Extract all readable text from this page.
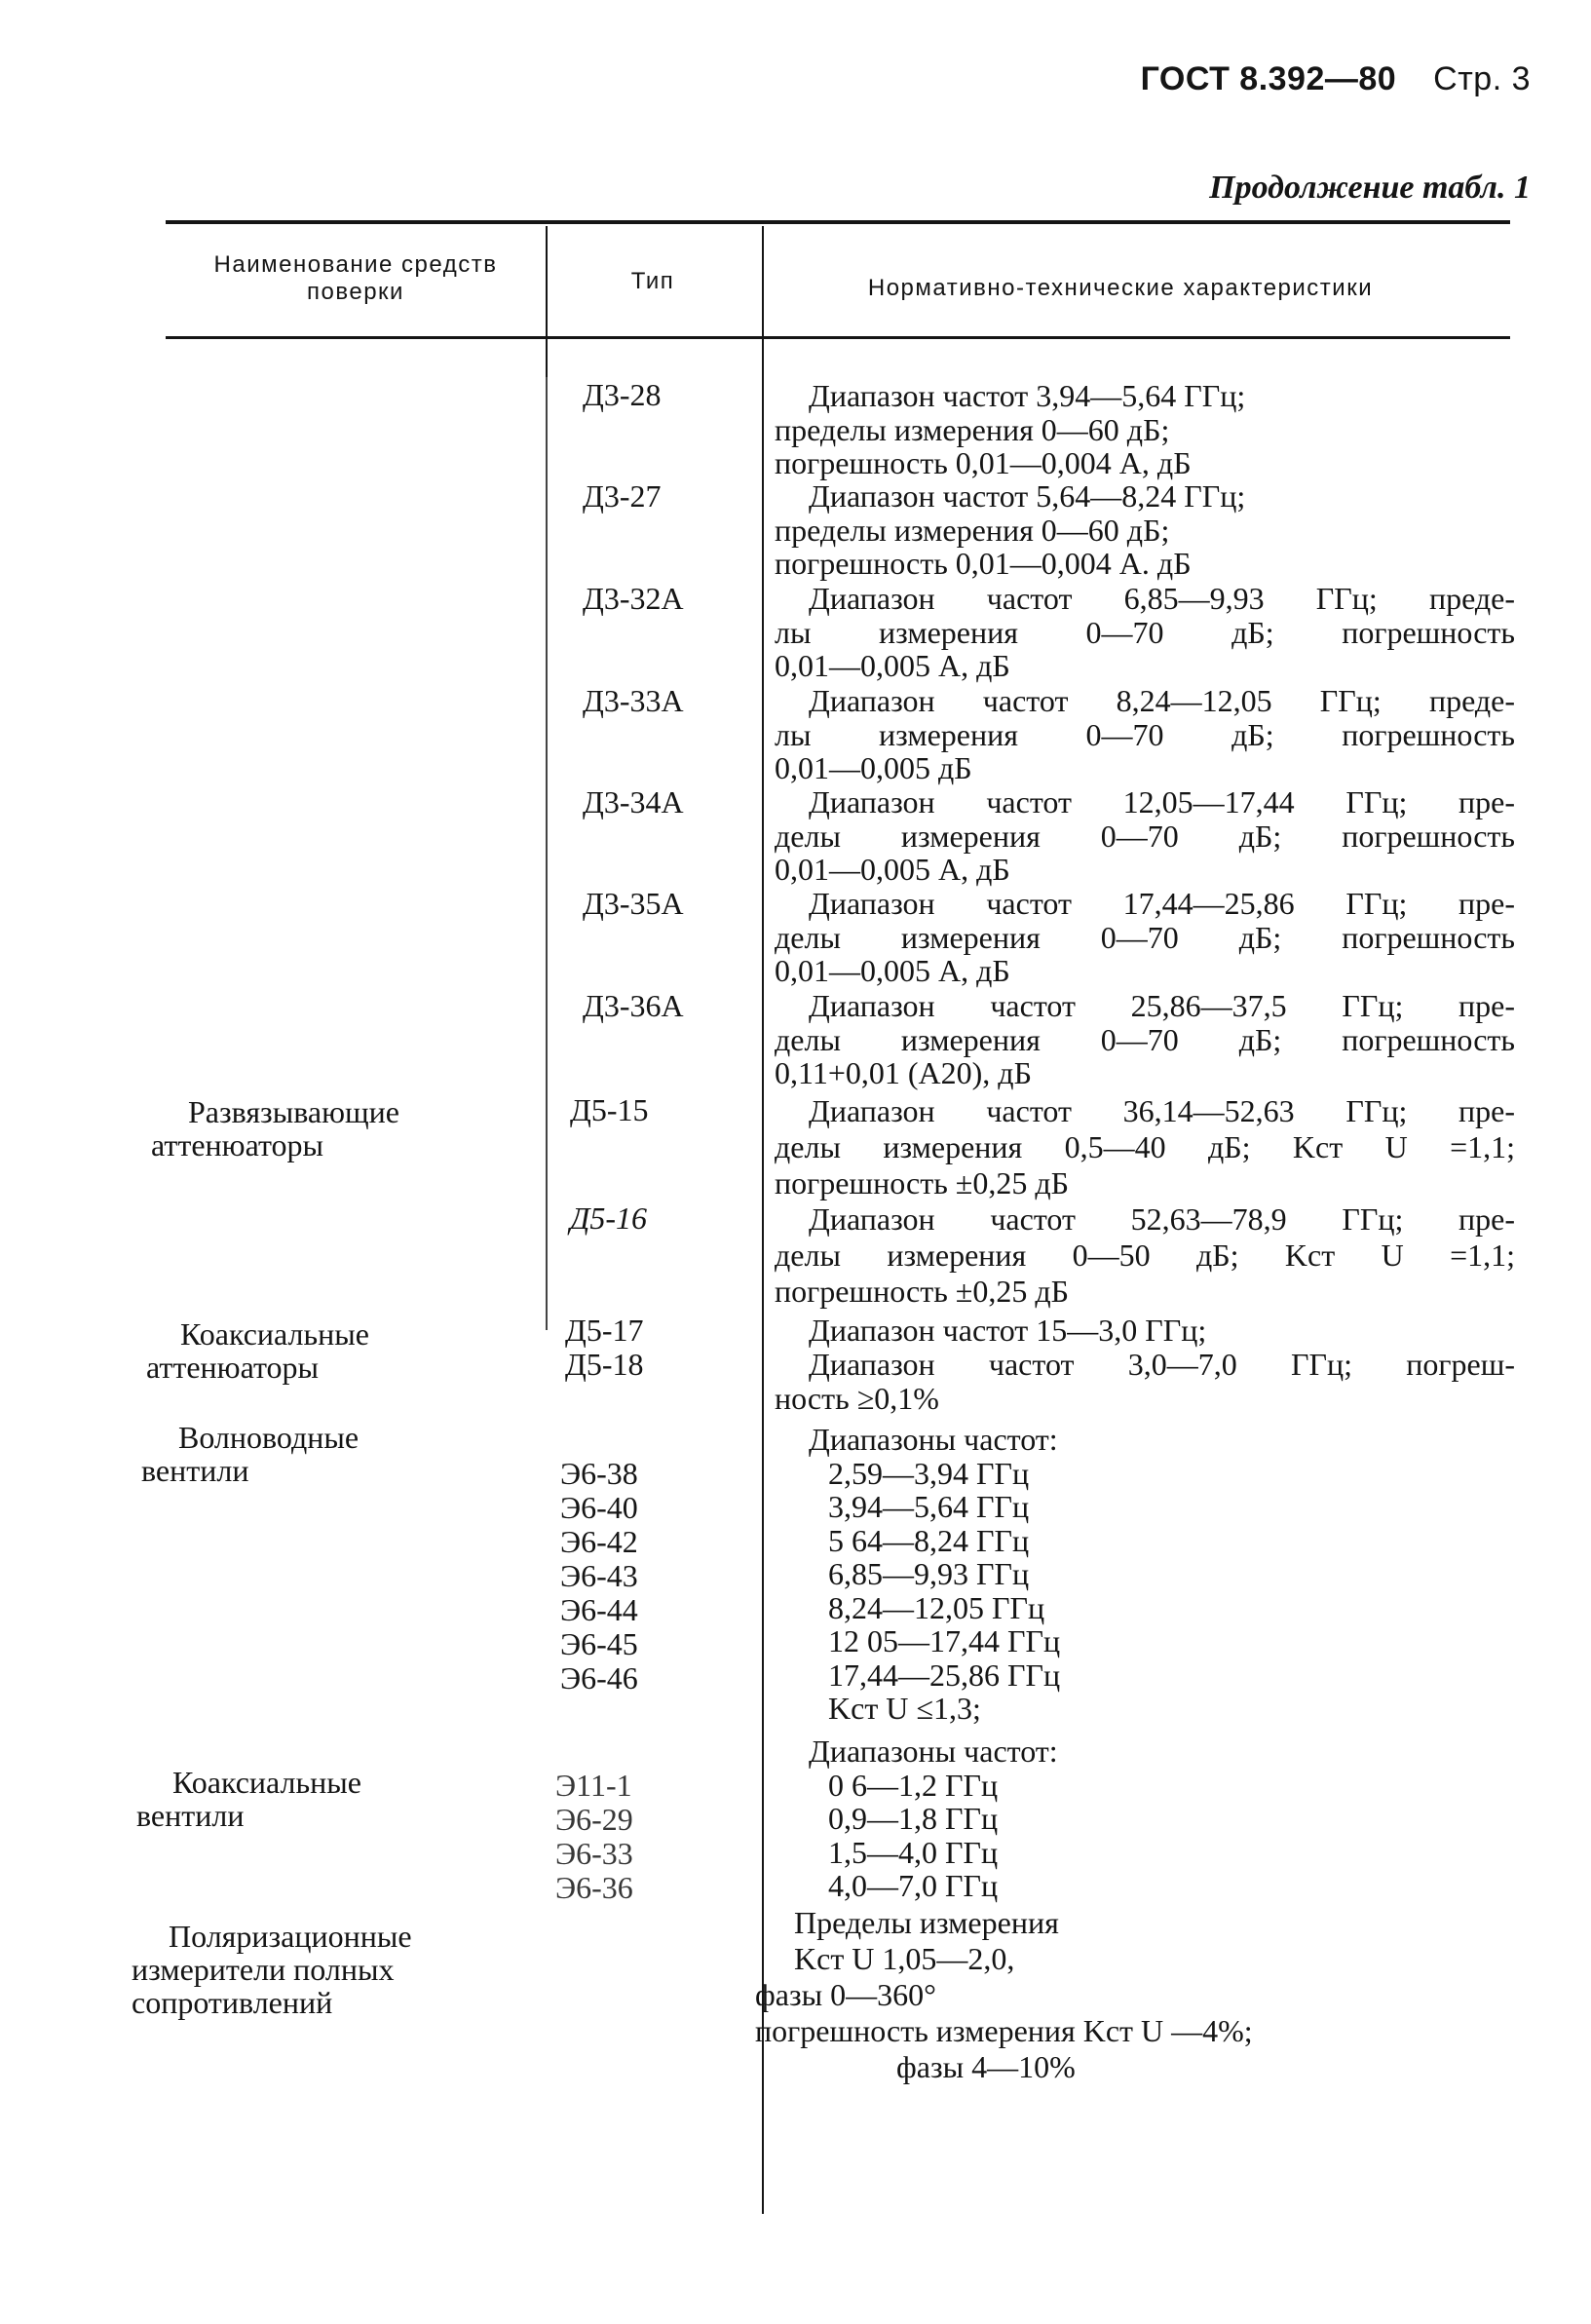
ГОСТ 8.392—80 Стр. 3
Продолжение табл. 1
Наименование средств поверки	Тип	Нормативно-технические характеристики
Развязывающие аттенюаторы
Коаксиальные аттенюаторы
Волноводные вентили
Коаксиальные вентили
Поляризационные измерители полных сопротивлений
Д3-28
Д3-27
Д3-32А
Д3-33А
Д3-34А
Д3-35А
Д3-36А
Д5-15
Д5-16
Д5-17
Д5-18
Э6-38
Э6-40
Э6-42
Э6-43
Э6-44
Э6-45
Э6-46
Э11-1
Э6-29
Э6-33
Э6-36
Диапазон частот 3,94—5,64 ГГц;
пределы измерения 0—60 дБ;
погрешность 0,01—0,004 А, дБ
Диапазон частот 5,64—8,24 ГГц;
пределы измерения 0—60 дБ;
погрешность 0,01—0,004 А. дБ
Диапазон частот 6,85—9,93 ГГц; преде-
лы измерения 0—70 дБ; погрешность
0,01—0,005 А, дБ
Диапазон частот 8,24—12,05 ГГц; преде-
лы измерения 0—70 дБ; погрешность
0,01—0,005 дБ
Диапазон частот 12,05—17,44 ГГц; пре-
делы измерения 0—70 дБ; погрешность
0,01—0,005 А, дБ
Диапазон частот 17,44—25,86 ГГц; пре-
делы измерения 0—70 дБ; погрешность
0,01—0,005 А, дБ
Диапазон частот 25,86—37,5 ГГц; пре-
делы измерения 0—70 дБ; погрешность
0,11+0,01 (А20), дБ
Диапазон частот 36,14—52,63 ГГц; пре-
делы измерения 0,5—40 дБ; Kст U =1,1;
погрешность ±0,25 дБ
Диапазон частот 52,63—78,9 ГГц; пре-
делы измерения 0—50 дБ; Kст U =1,1;
погрешность ±0,25 дБ
Диапазон частот 15—3,0 ГГц;
Диапазон частот 3,0—7,0 ГГц; погреш-
ность ≥0,1%
Диапазоны частот:
2,59—3,94 ГГц
3,94—5,64 ГГц
5 64—8,24 ГГц
6,85—9,93 ГГц
8,24—12,05 ГГц
12 05—17,44 ГГц
17,44—25,86 ГГц
Kст U ≤1,3;
Диапазоны частот:
0 6—1,2 ГГц
0,9—1,8 ГГц
1,5—4,0 ГГц
4,0—7,0 ГГц
Пределы измерения
Kст U 1,05—2,0,
фазы 0—360°
погрешность измерения Kст U —4%;
фазы 4—10%
